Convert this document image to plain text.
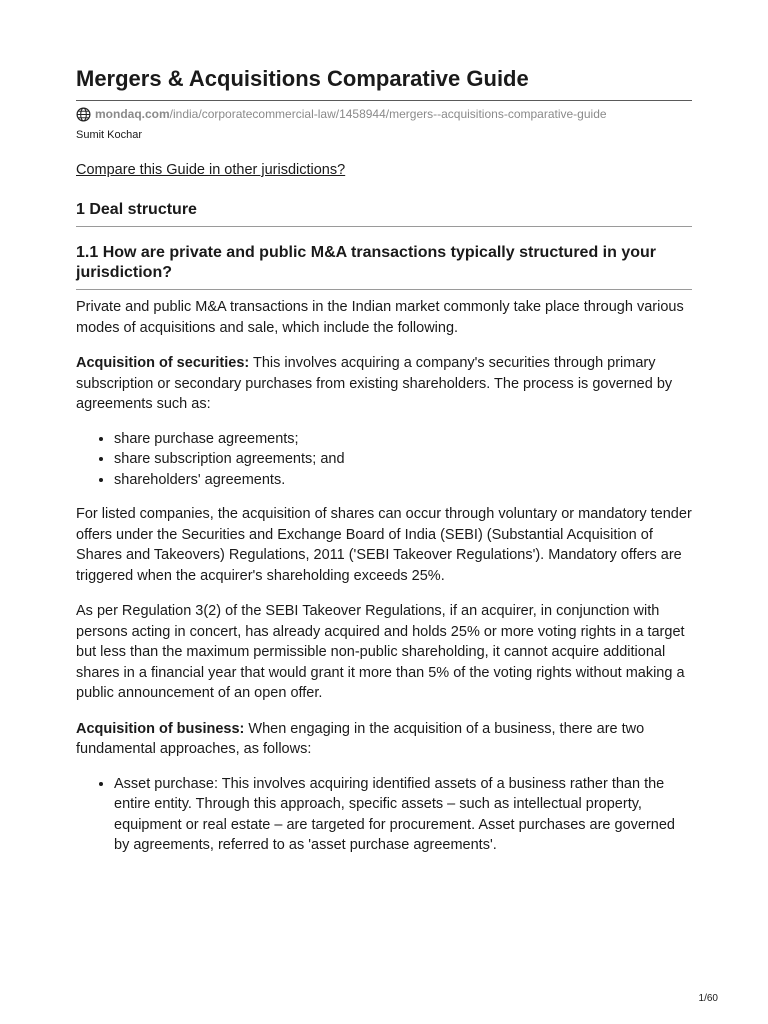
Mergers & Acquisitions Comparative Guide
mondaq.com/india/corporatecommercial-law/1458944/mergers--acquisitions-comparative-guide
Sumit Kochar
Compare this Guide in other jurisdictions?
1 Deal structure
1.1 How are private and public M&A transactions typically structured in your jurisdiction?

Private and public M&A transactions in the Indian market commonly take place through various modes of acquisitions and sale, which include the following.

Acquisition of securities: This involves acquiring a company's securities through primary subscription or secondary purchases from existing shareholders. The process is governed by agreements such as:

• share purchase agreements;
• share subscription agreements; and
• shareholders' agreements.

For listed companies, the acquisition of shares can occur through voluntary or mandatory tender offers under the Securities and Exchange Board of India (SEBI) (Substantial Acquisition of Shares and Takeovers) Regulations, 2011 ('SEBI Takeover Regulations'). Mandatory offers are triggered when the acquirer's shareholding exceeds 25%.

As per Regulation 3(2) of the SEBI Takeover Regulations, if an acquirer, in conjunction with persons acting in concert, has already acquired and holds 25% or more voting rights in a target but less than the maximum permissible non-public shareholding, it cannot acquire additional shares in a financial year that would grant it more than 5% of the voting rights without making a public announcement of an open offer.

Acquisition of business: When engaging in the acquisition of a business, there are two fundamental approaches, as follows:

• Asset purchase: This involves acquiring identified assets of a business rather than the entire entity. Through this approach, specific assets – such as intellectual property, equipment or real estate – are targeted for procurement. Asset purchases are governed by agreements, referred to as 'asset purchase agreements'.
1/60
